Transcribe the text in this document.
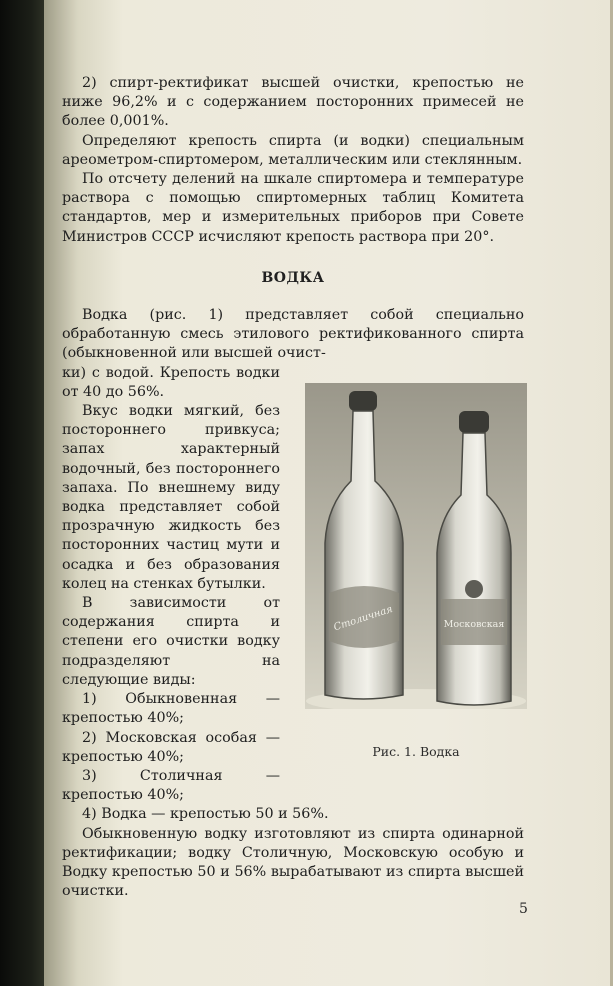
2) спирт-ректификат высшей очистки, крепостью не ниже 96,2% и с содержанием посторонних примесей не более 0,001%.

Определяют крепость спирта (и водки) специальным ареометром-спиртомером, металлическим или стеклянным.

По отсчету делений на шкале спиртомера и температуре раствора с помощью спиртомерных таблиц Комитета стандартов, мер и измерительных приборов при Совете Министров СССР исчисляют крепость раствора при 20°.

ВОДКА

Водка (рис. 1) представляет собой специально обработанную смесь этилового ректификованного спирта (обыкновенной или высшей очист-

ки) с водой. Крепость водки от 40 до 56%.

Вкус водки мягкий, без постороннего привкуса; запах характерный водочный, без постороннего запаха. По внешнему виду водка представляет собой прозрачную жидкость без посторонних частиц мути и осадка и без образования колец на стенках бутылки.

В зависимости от содержания спирта и степени его очистки водку подразделяют на следующие виды:

1) Обыкновенная — крепостью 40%;

2) Московская особая — крепостью 40%;

3) Столичная — крепостью 40%;

4) Водка — крепостью 50 и 56%.

Обыкновенную водку изготовляют из спирта одинарной ректификации; водку Столичную, Московскую особую и Водку крепостью 50 и 56% вырабатывают из спирта высшей очистки.

Столичная	Московская
Рис. 1. Водка
5
